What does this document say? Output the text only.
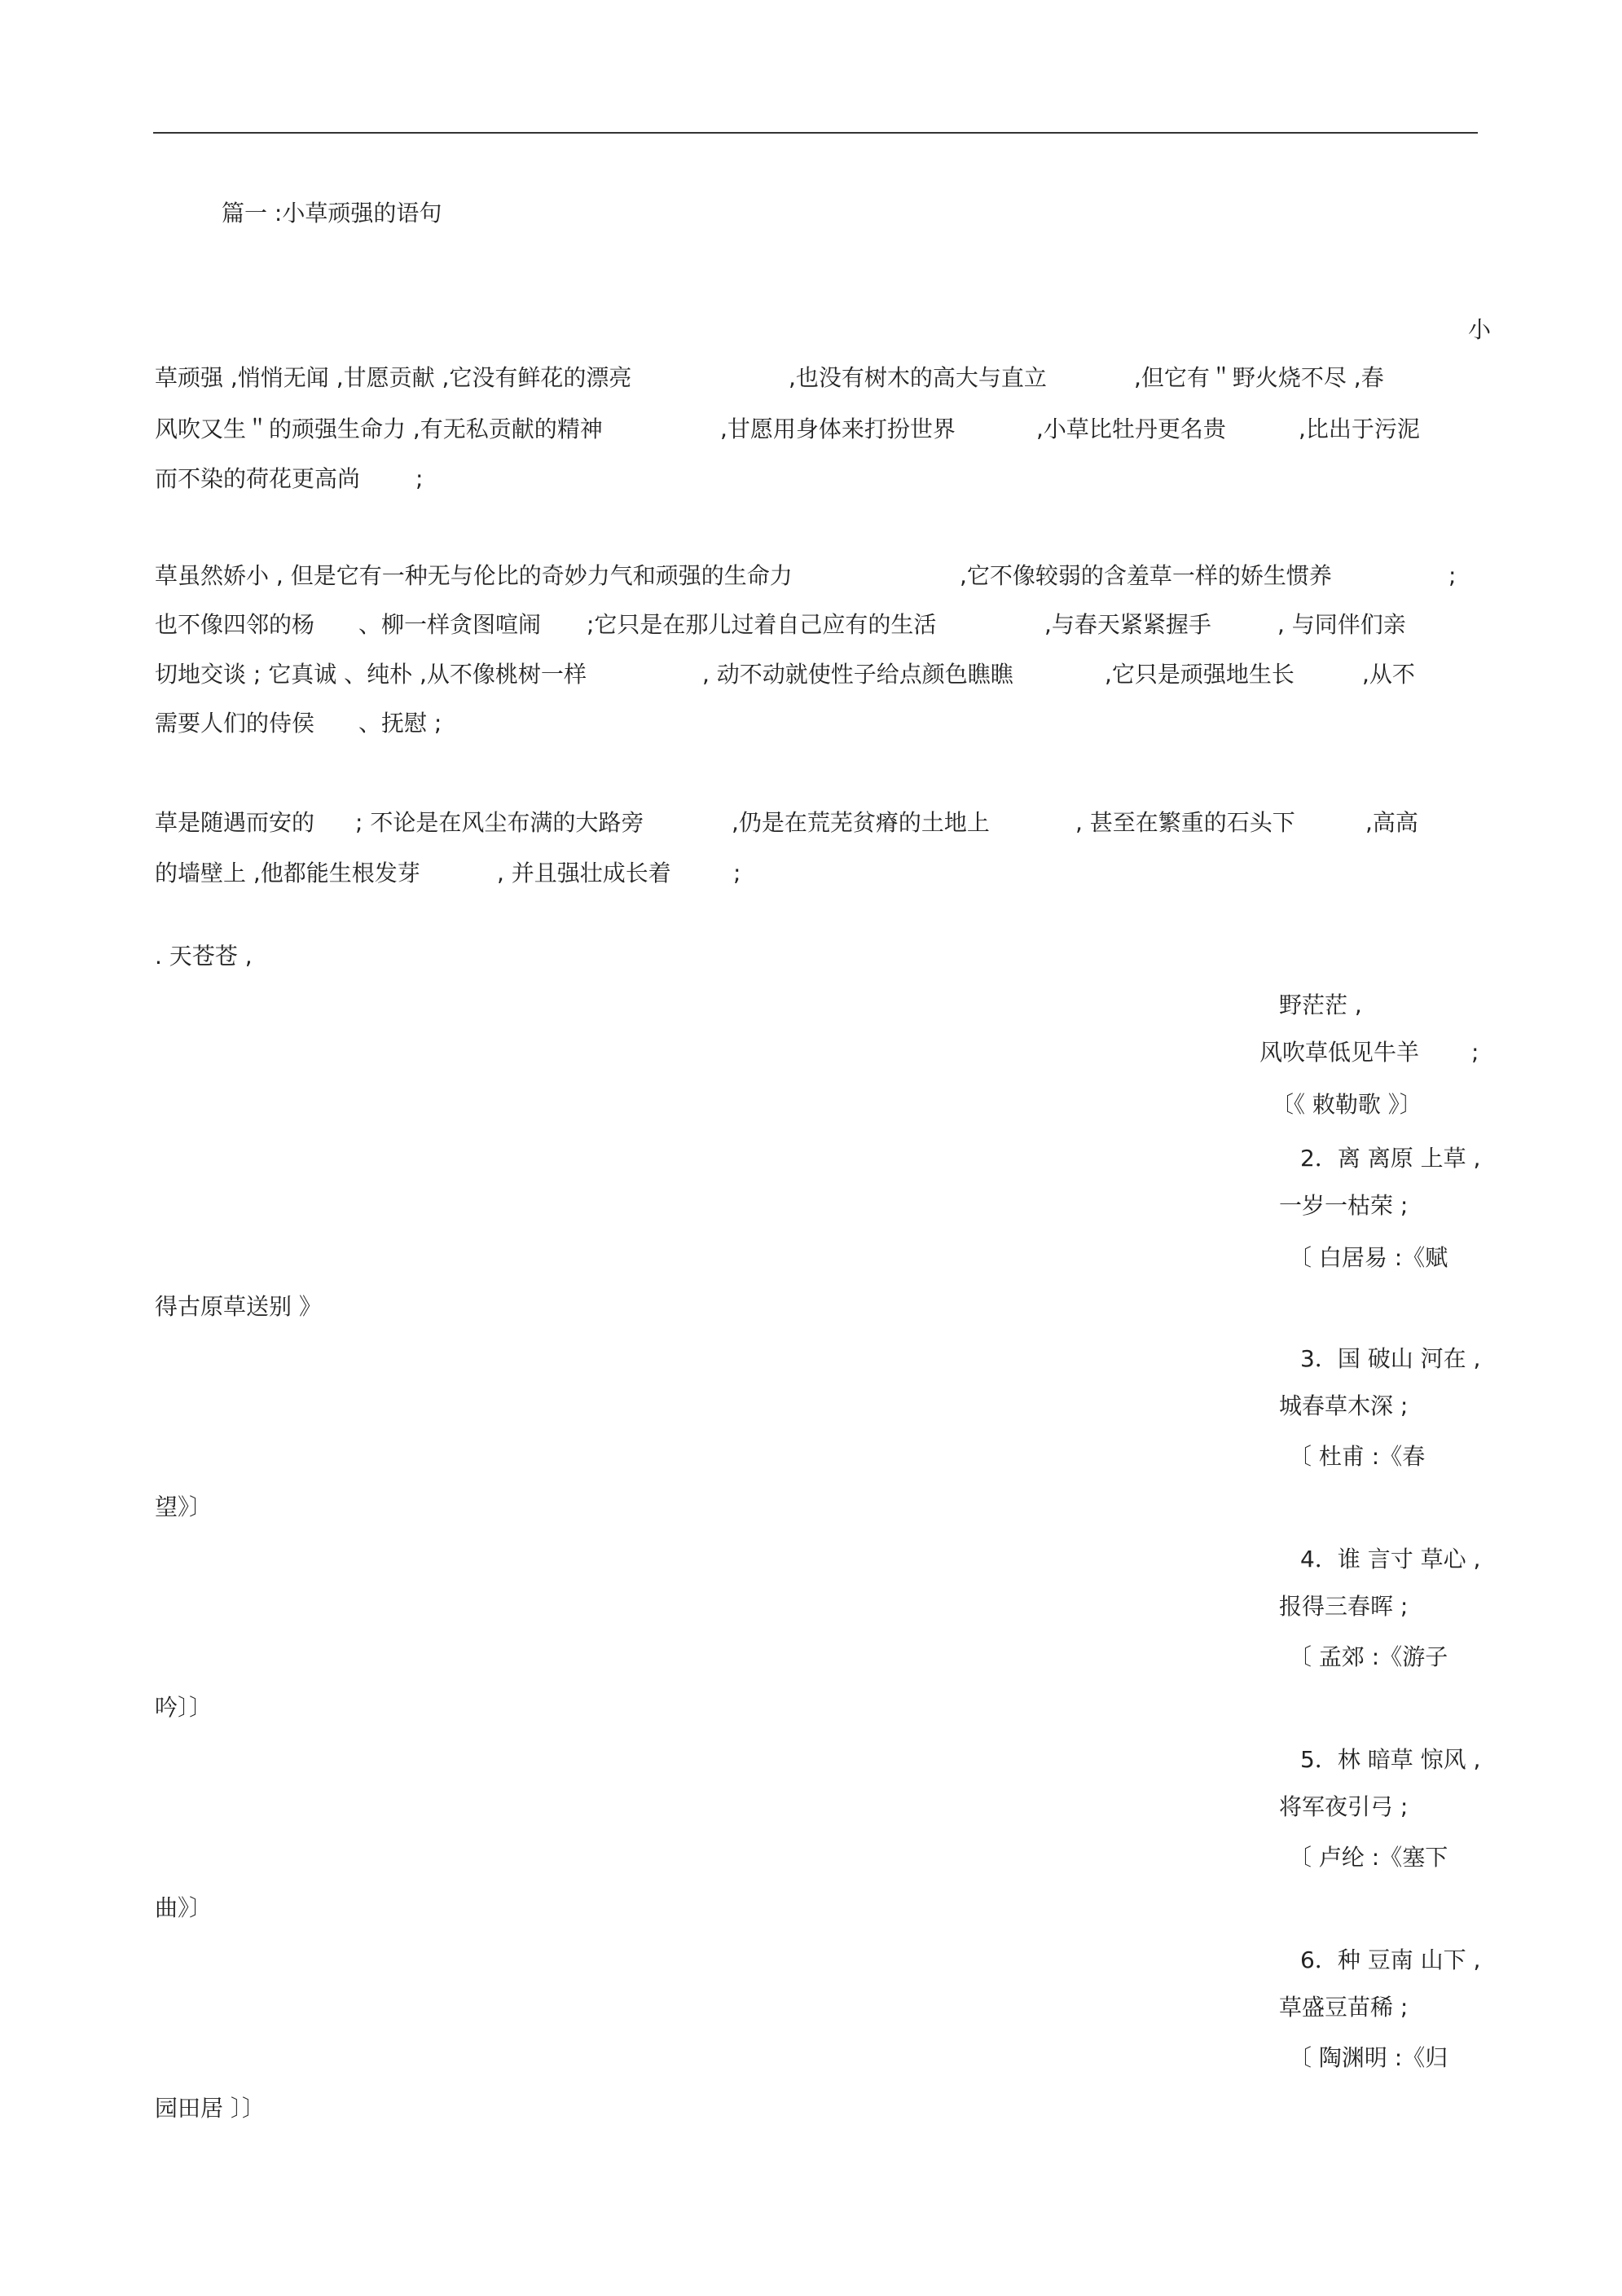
篇一 :小草顽强的语句
小
草顽强 ,悄悄无闻 ,甘愿贡献 ,它没有鲜花的漂亮	,也没有树木的高大与直立	,但它有＂野火烧不尽 ,春
风吹又生＂的顽强生命力 ,有无私贡献的精神	,甘愿用身体来打扮世界	,小草比牡丹更名贵	,比出于污泥
而不染的荷花更高尚 ;
草虽然娇小 , 但是它有一种无与伦比的奇妙力气和顽强的生命力	,它不像较弱的含羞草一样的娇生惯养	;
也不像四邻的杨 、柳一样贪图喧闹 ;它只是在那儿过着自己应有的生活	,与春天紧紧握手	, 与同伴们亲
切地交谈 ; 它真诚 、纯朴 ,从不像桃树一样	, 动不动就使性子给点颜色瞧瞧	,它只是顽强地生长	,从不
需要人们的侍侯 、抚慰 ;
草是随遇而安的 ; 不论是在风尘布满的大路旁	,仍是在荒芜贫瘠的土地上	, 甚至在繁重的石头下	,高高
的墙壁上 ,他都能生根发芽	, 并且强壮成长着	;
. 天苍苍 ,
野茫茫 ,
风吹草低见牛羊 ;
〔《 敕勒歌 》〕
2．离 离原 上草 ,
一岁一枯荣 ;
〔 白居易 :《赋
得古原草送别 》
3．国 破山 河在 ,
城春草木深 ;
〔 杜甫 :《春
望》〕
4．谁 言寸 草心 ,
报得三春晖 ;
〔 孟郊 :《游子
吟〕〕
5．林 暗草 惊风 ,
将军夜引弓 ;
〔 卢纶 :《塞下
曲》〕
6．种 豆南 山下 ,
草盛豆苗稀 ;
〔 陶渊明 :《归
园田居 〕〕
